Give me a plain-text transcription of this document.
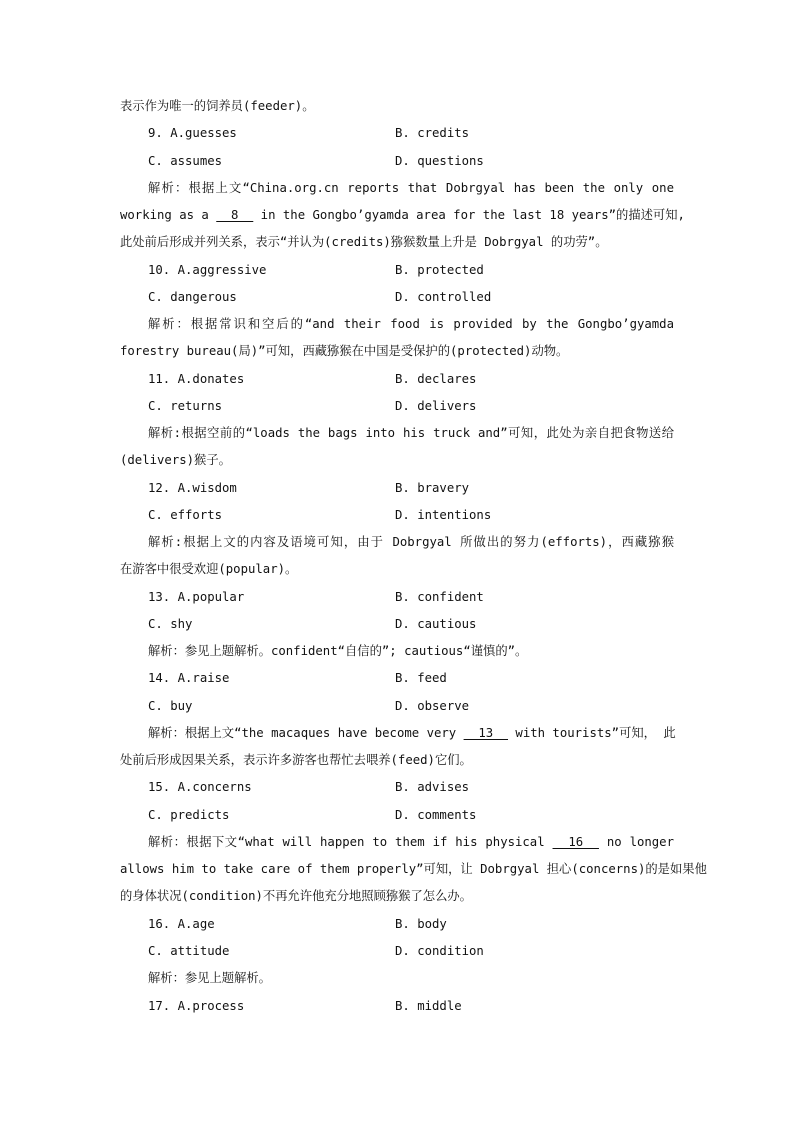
表示作为唯一的饲养员(feeder)。
9. A.guesses	B. credits
C. assumes	D. questions
解析：根据上文“China.org.cn reports that Dobrgyal has been the only one
working as a   8   in the Gongbo’gyamda area for the last 18 years”的描述可知,
此处前后形成并列关系，表示“并认为(credits)猕猴数量上升是 Dobrgyal 的功劳”。
10. A.aggressive	B. protected
C. dangerous	D. controlled
解析：根据常识和空后的“and their food is provided by the Gongbo’gyamda
forestry bureau(局)”可知，西藏猕猴在中国是受保护的(protected)动物。
11. A.donates	B. declares
C. returns	D. delivers
解析:根据空前的“loads the bags into his truck and”可知，此处为亲自把食物送给
(delivers)猴子。
12. A.wisdom	B. bravery
C. efforts	D. intentions
解析:根据上文的内容及语境可知，由于 Dobrgyal 所做出的努力(efforts)，西藏猕猴
在游客中很受欢迎(popular)。
13. A.popular	B. confident
C. shy	D. cautious
解析：参见上题解析。confident“自信的”; cautious“谨慎的”。
14. A.raise	B. feed
C. buy	D. observe
解析：根据上文“the macaques have become very   13   with tourists”可知， 此
处前后形成因果关系，表示许多游客也帮忙去喂养(feed)它们。
15. A.concerns	B. advises
C. predicts	D. comments
解析：根据下文“what will happen to them if his physical   16   no longer
allows him to take care of them properly”可知，让 Dobrgyal 担心(concerns)的是如果他
的身体状况(condition)不再允许他充分地照顾猕猴了怎么办。
16. A.age	B. body
C. attitude	D. condition
解析：参见上题解析。
17. A.process	B. middle
